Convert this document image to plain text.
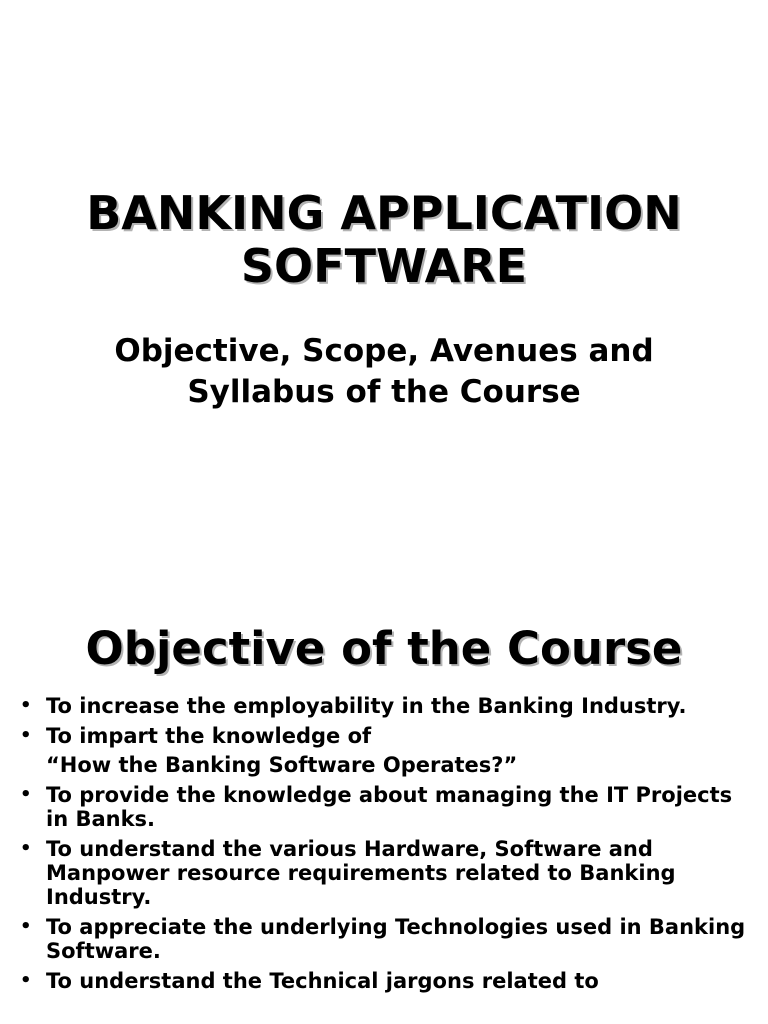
BANKING APPLICATION
SOFTWARE
Objective, Scope, Avenues and
Syllabus of the Course
Objective of the Course
• To increase the employability in the Banking Industry.
• To impart the knowledge of
“How the Banking Software Operates?”
• To provide the knowledge about managing the IT Projects in Banks.
• To understand the various Hardware, Software and Manpower resource requirements related to Banking Industry.
• To appreciate the underlying Technologies used in Banking Software.
• To understand the Technical jargons related to
